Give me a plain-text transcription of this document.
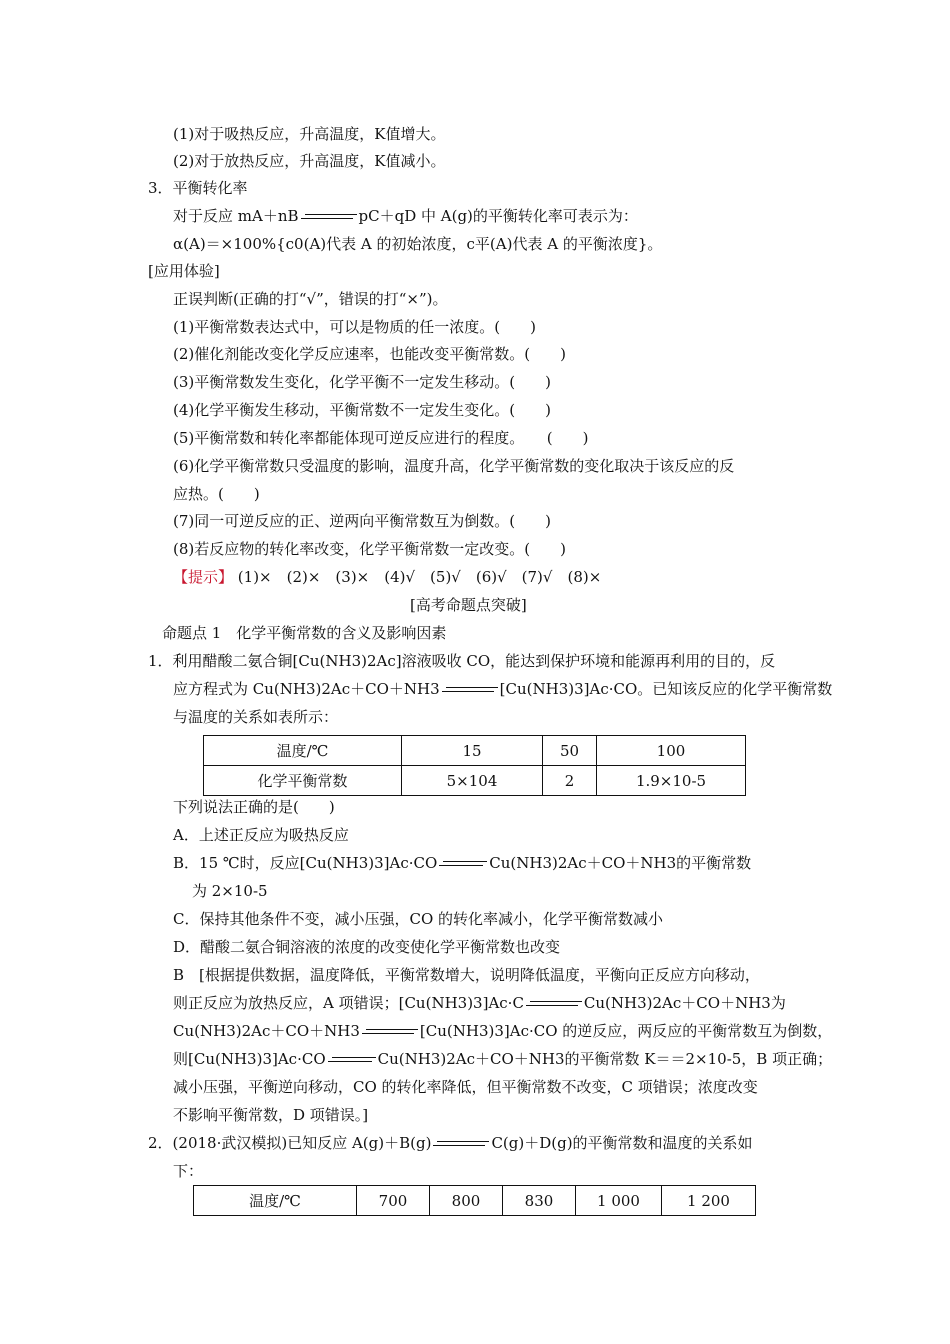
(1)对于吸热反应，升高温度，K值增大。
(2)对于放热反应，升高温度，K值减小。
3．平衡转化率
对于反应 mA＋nB	pC＋qD 中 A(g)的平衡转化率可表示为：
α(A)＝×100%{c0(A)代表 A 的初始浓度，c平(A)代表 A 的平衡浓度}。
[应用体验]
正误判断(正确的打“√”，错误的打“×”)。
(1)平衡常数表达式中，可以是物质的任一浓度。(　　)
(2)催化剂能改变化学反应速率，也能改变平衡常数。(　　)
(3)平衡常数发生变化，化学平衡不一定发生移动。(　　)
(4)化学平衡发生移动，平衡常数不一定发生变化。(　　)
(5)平衡常数和转化率都能体现可逆反应进行的程度。　　(　　)
(6)化学平衡常数只受温度的影响，温度升高，化学平衡常数的变化取决于该反应的反
应热。(　　)
(7)同一可逆反应的正、逆两向平衡常数互为倒数。(　　)
(8)若反应物的转化率改变，化学平衡常数一定改变。(　　)
【提示】 (1)×　(2)×　(3)×　(4)√　(5)√　(6)√　(7)√　(8)×
[高考命题点突破]
命题点 1　化学平衡常数的含义及影响因素
1．利用醋酸二氨合铜[Cu(NH3)2Ac]溶液吸收 CO，能达到保护环境和能源再利用的目的，反
应方程式为 Cu(NH3)2Ac＋CO＋NH3	[Cu(NH3)3]Ac·CO。已知该反应的化学平衡常数
与温度的关系如表所示：
温度/℃	15	50	100
化学平衡常数	5×104	2	1.9×10-5
下列说法正确的是(　　)
A．上述正反应为吸热反应
B．15 ℃时，反应[Cu(NH3)3]Ac·CO	Cu(NH3)2Ac＋CO＋NH3的平衡常数
为 2×10-5
C．保持其他条件不变，减小压强，CO 的转化率减小，化学平衡常数减小
D．醋酸二氨合铜溶液的浓度的改变使化学平衡常数也改变
B　[根据提供数据，温度降低，平衡常数增大，说明降低温度，平衡向正反应方向移动，
则正反应为放热反应，A 项错误；[Cu(NH3)3]Ac·C	Cu(NH3)2Ac＋CO＋NH3为
Cu(NH3)2Ac＋CO＋NH3	[Cu(NH3)3]Ac·CO 的逆反应，两反应的平衡常数互为倒数，
则[Cu(NH3)3]Ac·CO	Cu(NH3)2Ac＋CO＋NH3的平衡常数 K＝＝2×10-5，B 项正确；
减小压强，平衡逆向移动，CO 的转化率降低，但平衡常数不改变，C 项错误；浓度改变
不影响平衡常数，D 项错误。]
2．(2018·武汉模拟)已知反应 A(g)＋B(g)	C(g)＋D(g)的平衡常数和温度的关系如
下：
温度/℃	700	800	830	1 000	1 200
